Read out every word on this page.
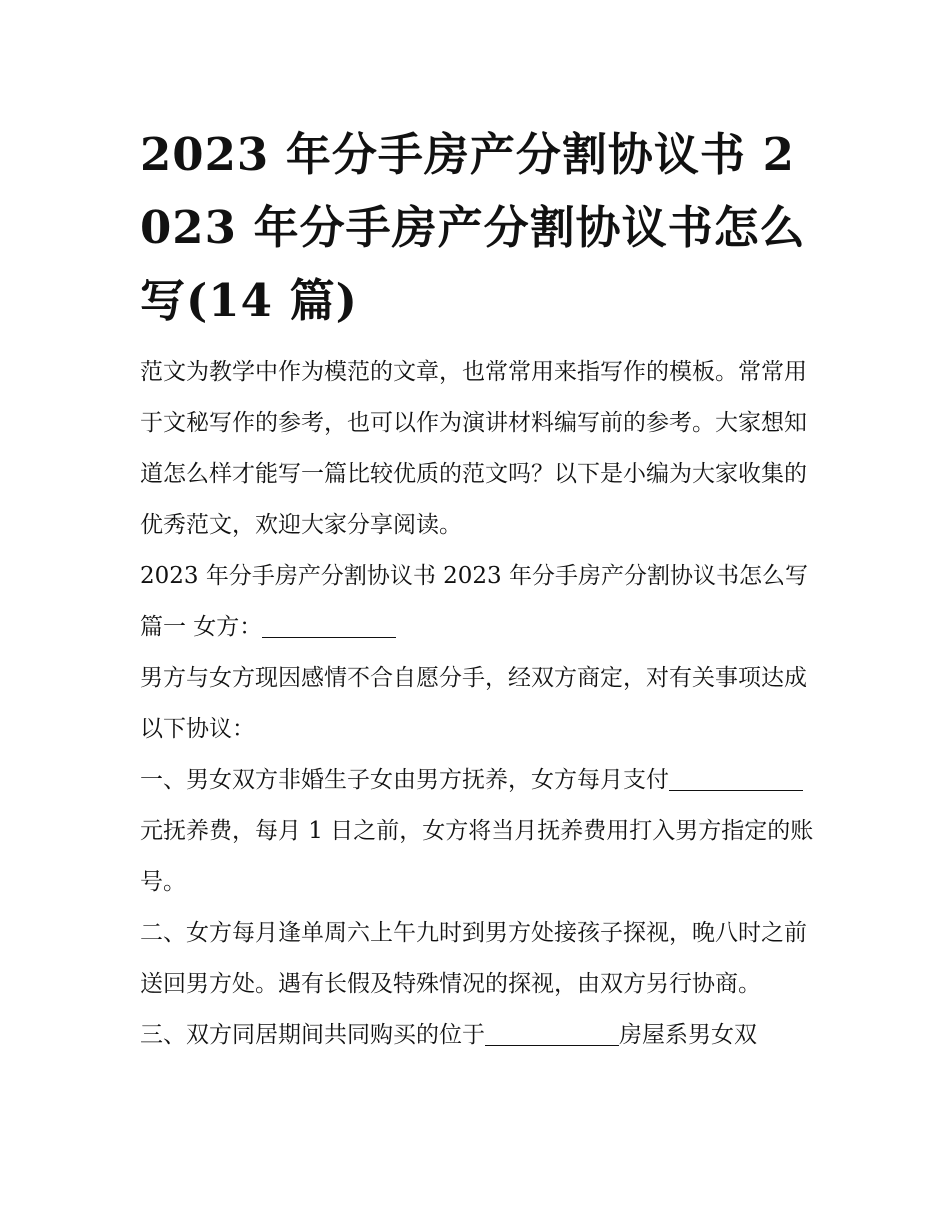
2023 年分手房产分割协议书 2023 年分手房产分割协议书怎么写(14 篇)

范文为教学中作为模范的文章，也常常用来指写作的模板。常常用于文秘写作的参考，也可以作为演讲材料编写前的参考。大家想知道怎么样才能写一篇比较优质的范文吗？以下是小编为大家收集的优秀范文，欢迎大家分享阅读。

2023 年分手房产分割协议书 2023 年分手房产分割协议书怎么写篇一 女方：

男方与女方现因感情不合自愿分手，经双方商定，对有关事项达成以下协议：

一、男女双方非婚生子女由男方抚养，女方每月支付元抚养费，每月 1 日之前，女方将当月抚养费用打入男方指定的账号。

二、女方每月逢单周六上午九时到男方处接孩子探视，晚八时之前送回男方处。遇有长假及特殊情况的探视，由双方另行协商。

三、双方同居期间共同购买的位于	房屋系男女双
